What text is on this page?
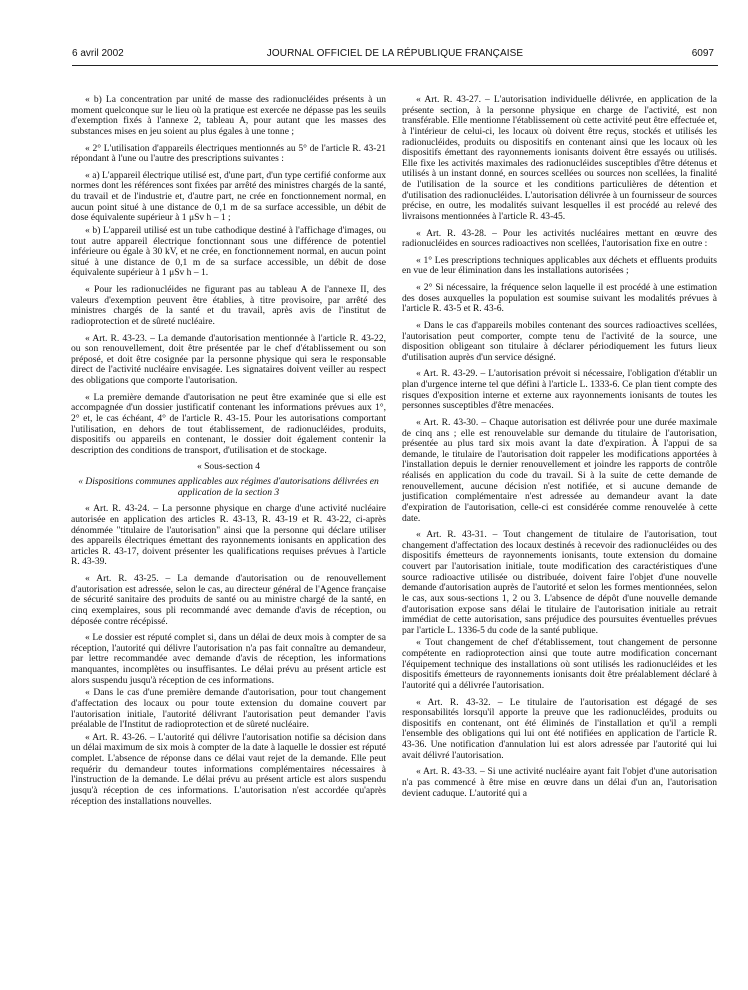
6 avril 2002	JOURNAL OFFICIEL DE LA RÉPUBLIQUE FRANÇAISE	6097

« b) La concentration par unité de masse des radionucléides présents à un moment quelconque sur le lieu où la pratique est exercée ne dépasse pas les seuils d'exemption fixés à l'annexe 2, tableau A, pour autant que les masses des substances mises en jeu soient au plus égales à une tonne ;

« 2° L'utilisation d'appareils électriques mentionnés au 5° de l'article R. 43-21 répondant à l'une ou l'autre des prescriptions suivantes :

« a) L'appareil électrique utilisé est, d'une part, d'un type certifié conforme aux normes dont les références sont fixées par arrêté des ministres chargés de la santé, du travail et de l'industrie et, d'autre part, ne crée en fonctionnement normal, en aucun point situé à une distance de 0,1 m de sa surface accessible, un débit de dose équivalente supérieur à 1 μSv h – 1 ;

« b) L'appareil utilisé est un tube cathodique destiné à l'affichage d'images, ou tout autre appareil électrique fonctionnant sous une différence de potentiel inférieure ou égale à 30 kV, et ne crée, en fonctionnement normal, en aucun point situé à une distance de 0,1 m de sa surface accessible, un débit de dose équivalente supérieur à 1 μSv h – 1.

« Pour les radionucléides ne figurant pas au tableau A de l'annexe II, des valeurs d'exemption peuvent être établies, à titre provisoire, par arrêté des ministres chargés de la santé et du travail, après avis de l'institut de radioprotection et de sûreté nucléaire.

« Art. R. 43-23. – La demande d'autorisation mentionnée à l'article R. 43-22, ou son renouvellement, doit être présentée par le chef d'établissement ou son préposé, et doit être cosignée par la personne physique qui sera le responsable direct de l'activité nucléaire envisagée. Les signataires doivent veiller au respect des obligations que comporte l'autorisation.

« La première demande d'autorisation ne peut être examinée que si elle est accompagnée d'un dossier justificatif contenant les informations prévues aux 1°, 2° et, le cas échéant, 4° de l'article R. 43-15. Pour les autorisations comportant l'utilisation, en dehors de tout établissement, de radionucléides, produits, dispositifs ou appareils en contenant, le dossier doit également contenir la description des conditions de transport, d'utilisation et de stockage.

« Sous-section 4

« Dispositions communes applicables aux régimes d'autorisations délivrées en application de la section 3

« Art. R. 43-24. – La personne physique en charge d'une activité nucléaire autorisée en application des articles R. 43-13, R. 43-19 et R. 43-22, ci-après dénommée "titulaire de l'autorisation" ainsi que la personne qui déclare utiliser des appareils électriques émettant des rayonnements ionisants en application des articles R. 43-17, doivent présenter les qualifications requises prévues à l'article R. 43-39.

« Art. R. 43-25. – La demande d'autorisation ou de renouvellement d'autorisation est adressée, selon le cas, au directeur général de l'Agence française de sécurité sanitaire des produits de santé ou au ministre chargé de la santé, en cinq exemplaires, sous pli recommandé avec demande d'avis de réception, ou déposée contre récépissé.

« Le dossier est réputé complet si, dans un délai de deux mois à compter de sa réception, l'autorité qui délivre l'autorisation n'a pas fait connaître au demandeur, par lettre recommandée avec demande d'avis de réception, les informations manquantes, incomplètes ou insuffisantes. Le délai prévu au présent article est alors suspendu jusqu'à réception de ces informations.

« Dans le cas d'une première demande d'autorisation, pour tout changement d'affectation des locaux ou pour toute extension du domaine couvert par l'autorisation initiale, l'autorité délivrant l'autorisation peut demander l'avis préalable de l'Institut de radioprotection et de sûreté nucléaire.

« Art. R. 43-26. – L'autorité qui délivre l'autorisation notifie sa décision dans un délai maximum de six mois à compter de la date à laquelle le dossier est réputé complet. L'absence de réponse dans ce délai vaut rejet de la demande. Elle peut requérir du demandeur toutes informations complémentaires nécessaires à l'instruction de la demande. Le délai prévu au présent article est alors suspendu jusqu'à réception de ces informations. L'autorisation n'est accordée qu'après réception des installations nouvelles.

« Art. R. 43-27. – L'autorisation individuelle délivrée, en application de la présente section, à la personne physique en charge de l'activité, est non transférable. Elle mentionne l'établissement où cette activité peut être effectuée et, à l'intérieur de celui-ci, les locaux où doivent être reçus, stockés et utilisés les radionucléides, produits ou dispositifs en contenant ainsi que les locaux où les dispositifs émettant des rayonnements ionisants doivent être essayés ou utilisés. Elle fixe les activités maximales des radionucléides susceptibles d'être détenus et utilisés à un instant donné, en sources scellées ou sources non scellées, la finalité de l'utilisation de la source et les conditions particulières de détention et d'utilisation des radionucléides. L'autorisation délivrée à un fournisseur de sources précise, en outre, les modalités suivant lesquelles il est procédé au relevé des livraisons mentionnées à l'article R. 43-45.

« Art. R. 43-28. – Pour les activités nucléaires mettant en œuvre des radionucléides en sources radioactives non scellées, l'autorisation fixe en outre :

« 1° Les prescriptions techniques applicables aux déchets et effluents produits en vue de leur élimination dans les installations autorisées ;

« 2° Si nécessaire, la fréquence selon laquelle il est procédé à une estimation des doses auxquelles la population est soumise suivant les modalités prévues à l'article R. 43-5 et R. 43-6.

« Dans le cas d'appareils mobiles contenant des sources radioactives scellées, l'autorisation peut comporter, compte tenu de l'activité de la source, une disposition obligeant son titulaire à déclarer périodiquement les futurs lieux d'utilisation auprès d'un service désigné.

« Art. R. 43-29. – L'autorisation prévoit si nécessaire, l'obligation d'établir un plan d'urgence interne tel que défini à l'article L. 1333-6. Ce plan tient compte des risques d'exposition interne et externe aux rayonnements ionisants de toutes les personnes susceptibles d'être menacées.

« Art. R. 43-30. – Chaque autorisation est délivrée pour une durée maximale de cinq ans ; elle est renouvelable sur demande du titulaire de l'autorisation, présentée au plus tard six mois avant la date d'expiration. À l'appui de sa demande, le titulaire de l'autorisation doit rappeler les modifications apportées à l'installation depuis le dernier renouvellement et joindre les rapports de contrôle réalisés en application du code du travail. Si à la suite de cette demande de renouvellement, aucune décision n'est notifiée, et si aucune demande de justification complémentaire n'est adressée au demandeur avant la date d'expiration de l'autorisation, celle-ci est considérée comme renouvelée à cette date.

« Art. R. 43-31. – Tout changement de titulaire de l'autorisation, tout changement d'affectation des locaux destinés à recevoir des radionucléides ou des dispositifs émetteurs de rayonnements ionisants, toute extension du domaine couvert par l'autorisation initiale, toute modification des caractéristiques d'une source radioactive utilisée ou distribuée, doivent faire l'objet d'une nouvelle demande d'autorisation auprès de l'autorité et selon les formes mentionnées, selon le cas, aux sous-sections 1, 2 ou 3. L'absence de dépôt d'une nouvelle demande d'autorisation expose sans délai le titulaire de l'autorisation initiale au retrait immédiat de cette autorisation, sans préjudice des poursuites éventuelles prévues par l'article L. 1336-5 du code de la santé publique.

« Tout changement de chef d'établissement, tout changement de personne compétente en radioprotection ainsi que toute autre modification concernant l'équipement technique des installations où sont utilisés les radionucléides et les dispositifs émetteurs de rayonnements ionisants doit être préalablement déclaré à l'autorité qui a délivrée l'autorisation.

« Art. R. 43-32. – Le titulaire de l'autorisation est dégagé de ses responsabilités lorsqu'il apporte la preuve que les radionucléides, produits ou dispositifs en contenant, ont été éliminés de l'installation et qu'il a rempli l'ensemble des obligations qui lui ont été notifiées en application de l'article R. 43-36. Une notification d'annulation lui est alors adressée par l'autorité qui lui avait délivré l'autorisation.

« Art. R. 43-33. – Si une activité nucléaire ayant fait l'objet d'une autorisation n'a pas commencé à être mise en œuvre dans un délai d'un an, l'autorisation devient caduque. L'autorité qui a
